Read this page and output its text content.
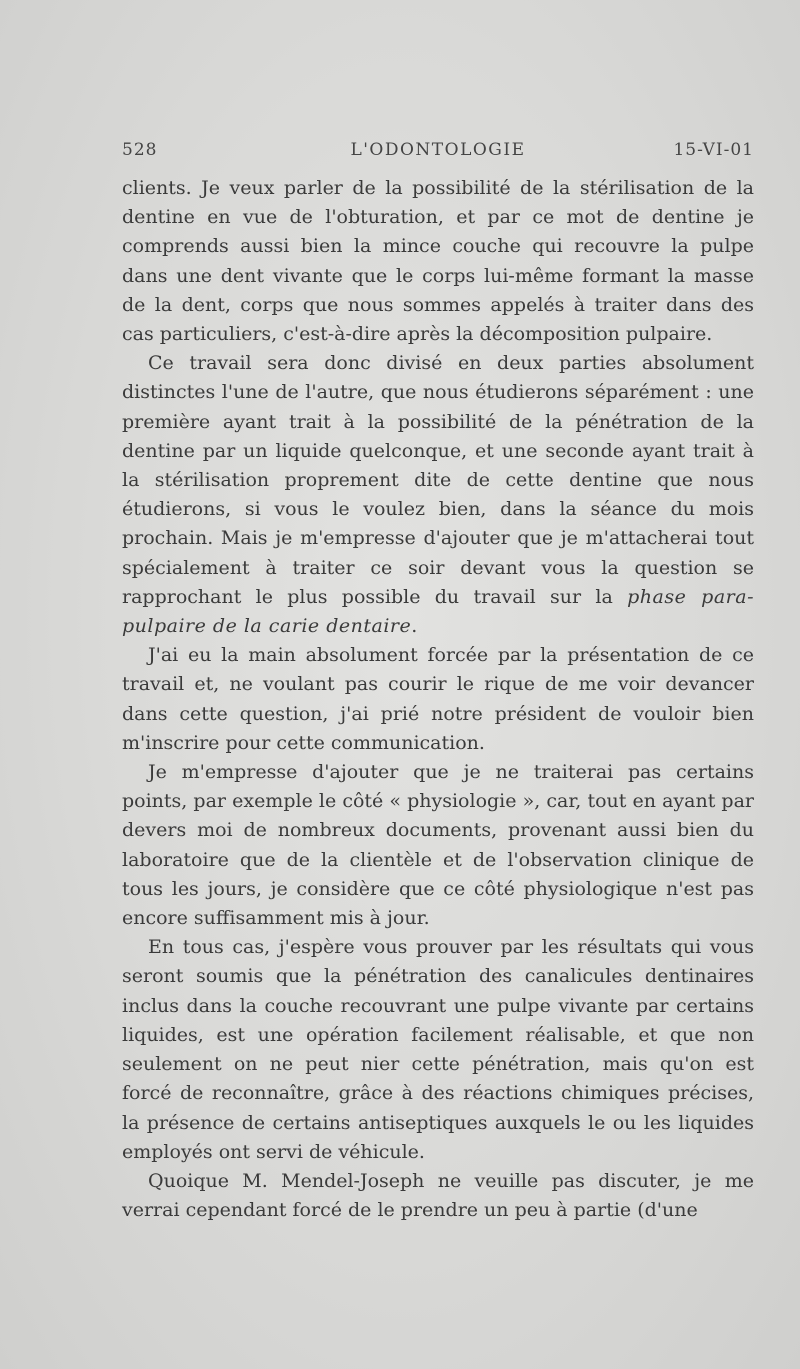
528	L'ODONTOLOGIE	15-VI-01

clients. Je veux parler de la possibilité de la stérilisation de la dentine en vue de l'obturation, et par ce mot de dentine je comprends aussi bien la mince couche qui recouvre la pulpe dans une dent vivante que le corps lui-même formant la masse de la dent, corps que nous sommes appelés à traiter dans des cas particuliers, c'est-à-dire après la décomposition pulpaire.

Ce travail sera donc divisé en deux parties absolument distinctes l'une de l'autre, que nous étudierons séparément : une première ayant trait à la possibilité de la pénétration de la dentine par un liquide quelconque, et une seconde ayant trait à la stérilisation proprement dite de cette dentine que nous étudierons, si vous le voulez bien, dans la séance du mois prochain. Mais je m'empresse d'ajouter que je m'attacherai tout spécialement à traiter ce soir devant vous la question se rapprochant le plus possible du travail sur la phase para-pulpaire de la carie dentaire.

J'ai eu la main absolument forcée par la présentation de ce travail et, ne voulant pas courir le rique de me voir devancer dans cette question, j'ai prié notre président de vouloir bien m'inscrire pour cette communication.

Je m'empresse d'ajouter que je ne traiterai pas certains points, par exemple le côté « physiologie », car, tout en ayant par devers moi de nombreux documents, provenant aussi bien du laboratoire que de la clientèle et de l'observation clinique de tous les jours, je considère que ce côté physiologique n'est pas encore suffisamment mis à jour.

En tous cas, j'espère vous prouver par les résultats qui vous seront soumis que la pénétration des canalicules dentinaires inclus dans la couche recouvrant une pulpe vivante par certains liquides, est une opération facilement réalisable, et que non seulement on ne peut nier cette pénétration, mais qu'on est forcé de reconnaître, grâce à des réactions chimiques précises, la présence de certains antiseptiques auxquels le ou les liquides employés ont servi de véhicule.

Quoique M. Mendel-Joseph ne veuille pas discuter, je me verrai cependant forcé de le prendre un peu à partie (d'une
